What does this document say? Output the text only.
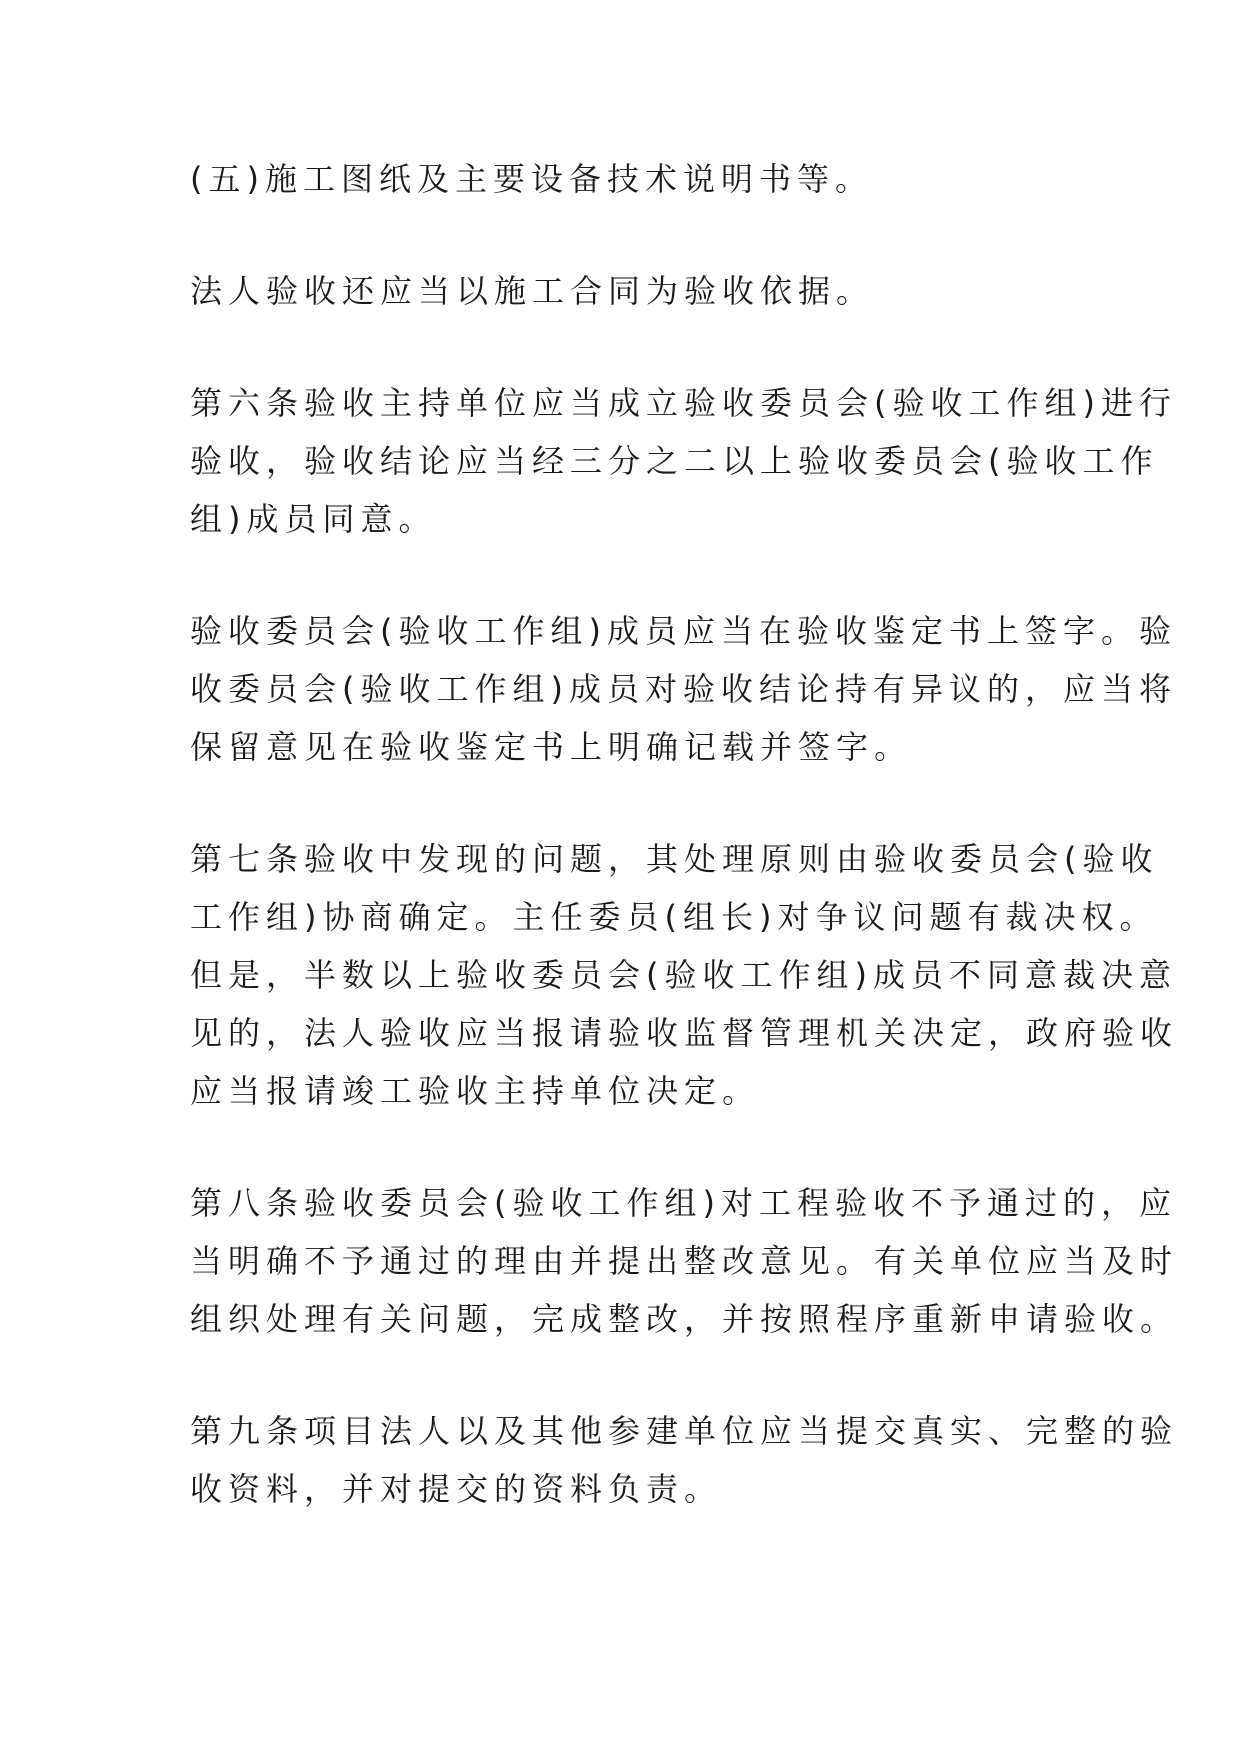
(五)施工图纸及主要设备技术说明书等。

法人验收还应当以施工合同为验收依据。

第六条验收主持单位应当成立验收委员会(验收工作组)进行
验收，验收结论应当经三分之二以上验收委员会(验收工作
组)成员同意。

验收委员会(验收工作组)成员应当在验收鉴定书上签字。验
收委员会(验收工作组)成员对验收结论持有异议的，应当将
保留意见在验收鉴定书上明确记载并签字。

第七条验收中发现的问题，其处理原则由验收委员会(验收
工作组)协商确定。主任委员(组长)对争议问题有裁决权。
但是，半数以上验收委员会(验收工作组)成员不同意裁决意
见的，法人验收应当报请验收监督管理机关决定，政府验收
应当报请竣工验收主持单位决定。

第八条验收委员会(验收工作组)对工程验收不予通过的，应
当明确不予通过的理由并提出整改意见。有关单位应当及时
组织处理有关问题，完成整改，并按照程序重新申请验收。

第九条项目法人以及其他参建单位应当提交真实、完整的验
收资料，并对提交的资料负责。
